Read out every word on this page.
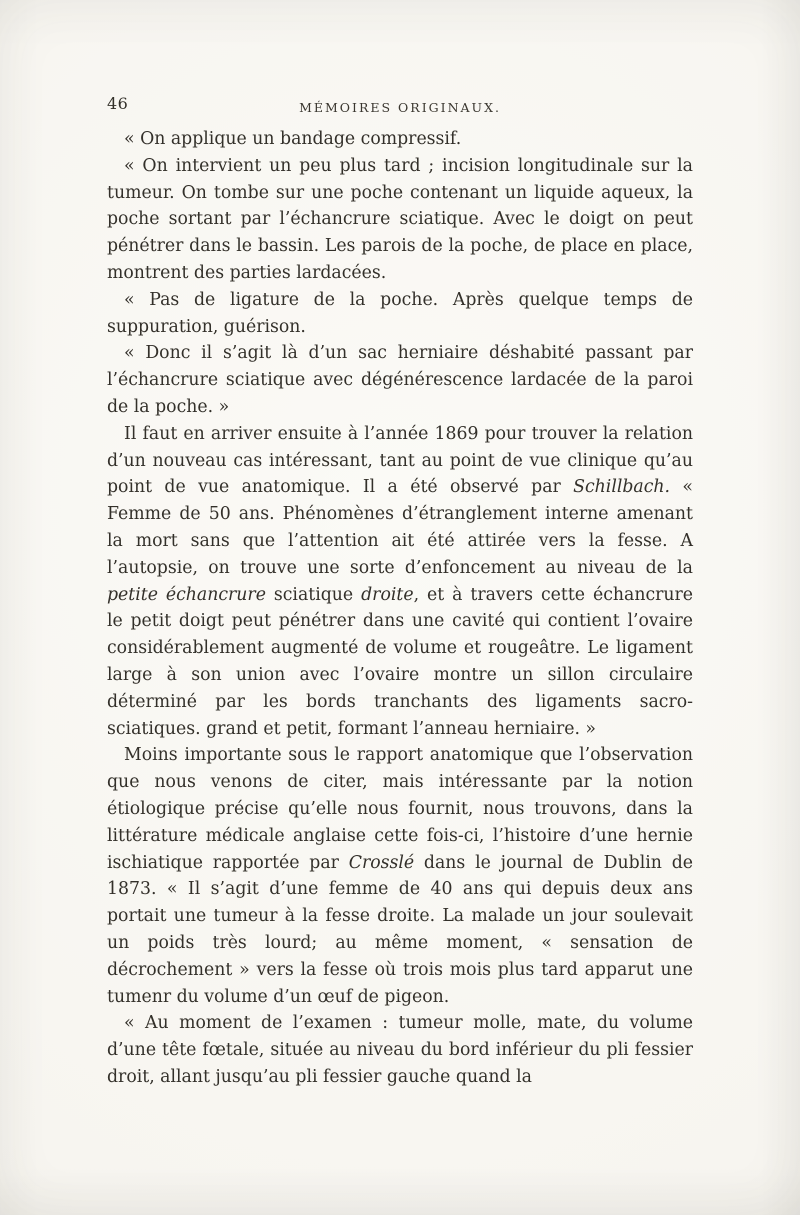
46	MÉMOIRES ORIGINAUX.

« On applique un bandage compressif.

« On intervient un peu plus tard ; incision longitudinale sur la tumeur. On tombe sur une poche contenant un liquide aqueux, la poche sortant par l’échancrure sciatique. Avec le doigt on peut pénétrer dans le bassin. Les parois de la poche, de place en place, montrent des parties lardacées.

« Pas de ligature de la poche. Après quelque temps de suppuration, guérison.

« Donc il s’agit là d’un sac herniaire déshabité passant par l’échancrure sciatique avec dégénérescence lardacée de la paroi de la poche. »

Il faut en arriver ensuite à l’année 1869 pour trouver la relation d’un nouveau cas intéressant, tant au point de vue clinique qu’au point de vue anatomique. Il a été observé par Schillbach. « Femme de 50 ans. Phénomènes d’étranglement interne amenant la mort sans que l’attention ait été attirée vers la fesse. A l’autopsie, on trouve une sorte d’enfoncement au niveau de la petite échancrure sciatique droite, et à travers cette échancrure le petit doigt peut pénétrer dans une cavité qui contient l’ovaire considérablement augmenté de volume et rougeâtre. Le ligament large à son union avec l’ovaire montre un sillon circulaire déterminé par les bords tranchants des ligaments sacro-sciatiques. grand et petit, formant l’anneau herniaire. »

Moins importante sous le rapport anatomique que l’observation que nous venons de citer, mais intéressante par la notion étiologique précise qu’elle nous fournit, nous trouvons, dans la littérature médicale anglaise cette fois-ci, l’histoire d’une hernie ischiatique rapportée par Crosslé dans le journal de Dublin de 1873. « Il s’agit d’une femme de 40 ans qui depuis deux ans portait une tumeur à la fesse droite. La malade un jour soulevait un poids très lourd; au même moment, « sensation de décrochement » vers la fesse où trois mois plus tard apparut une tumenr du volume d’un œuf de pigeon.

« Au moment de l’examen : tumeur molle, mate, du volume d’une tête fœtale, située au niveau du bord inférieur du pli fessier droit, allant jusqu’au pli fessier gauche quand la
